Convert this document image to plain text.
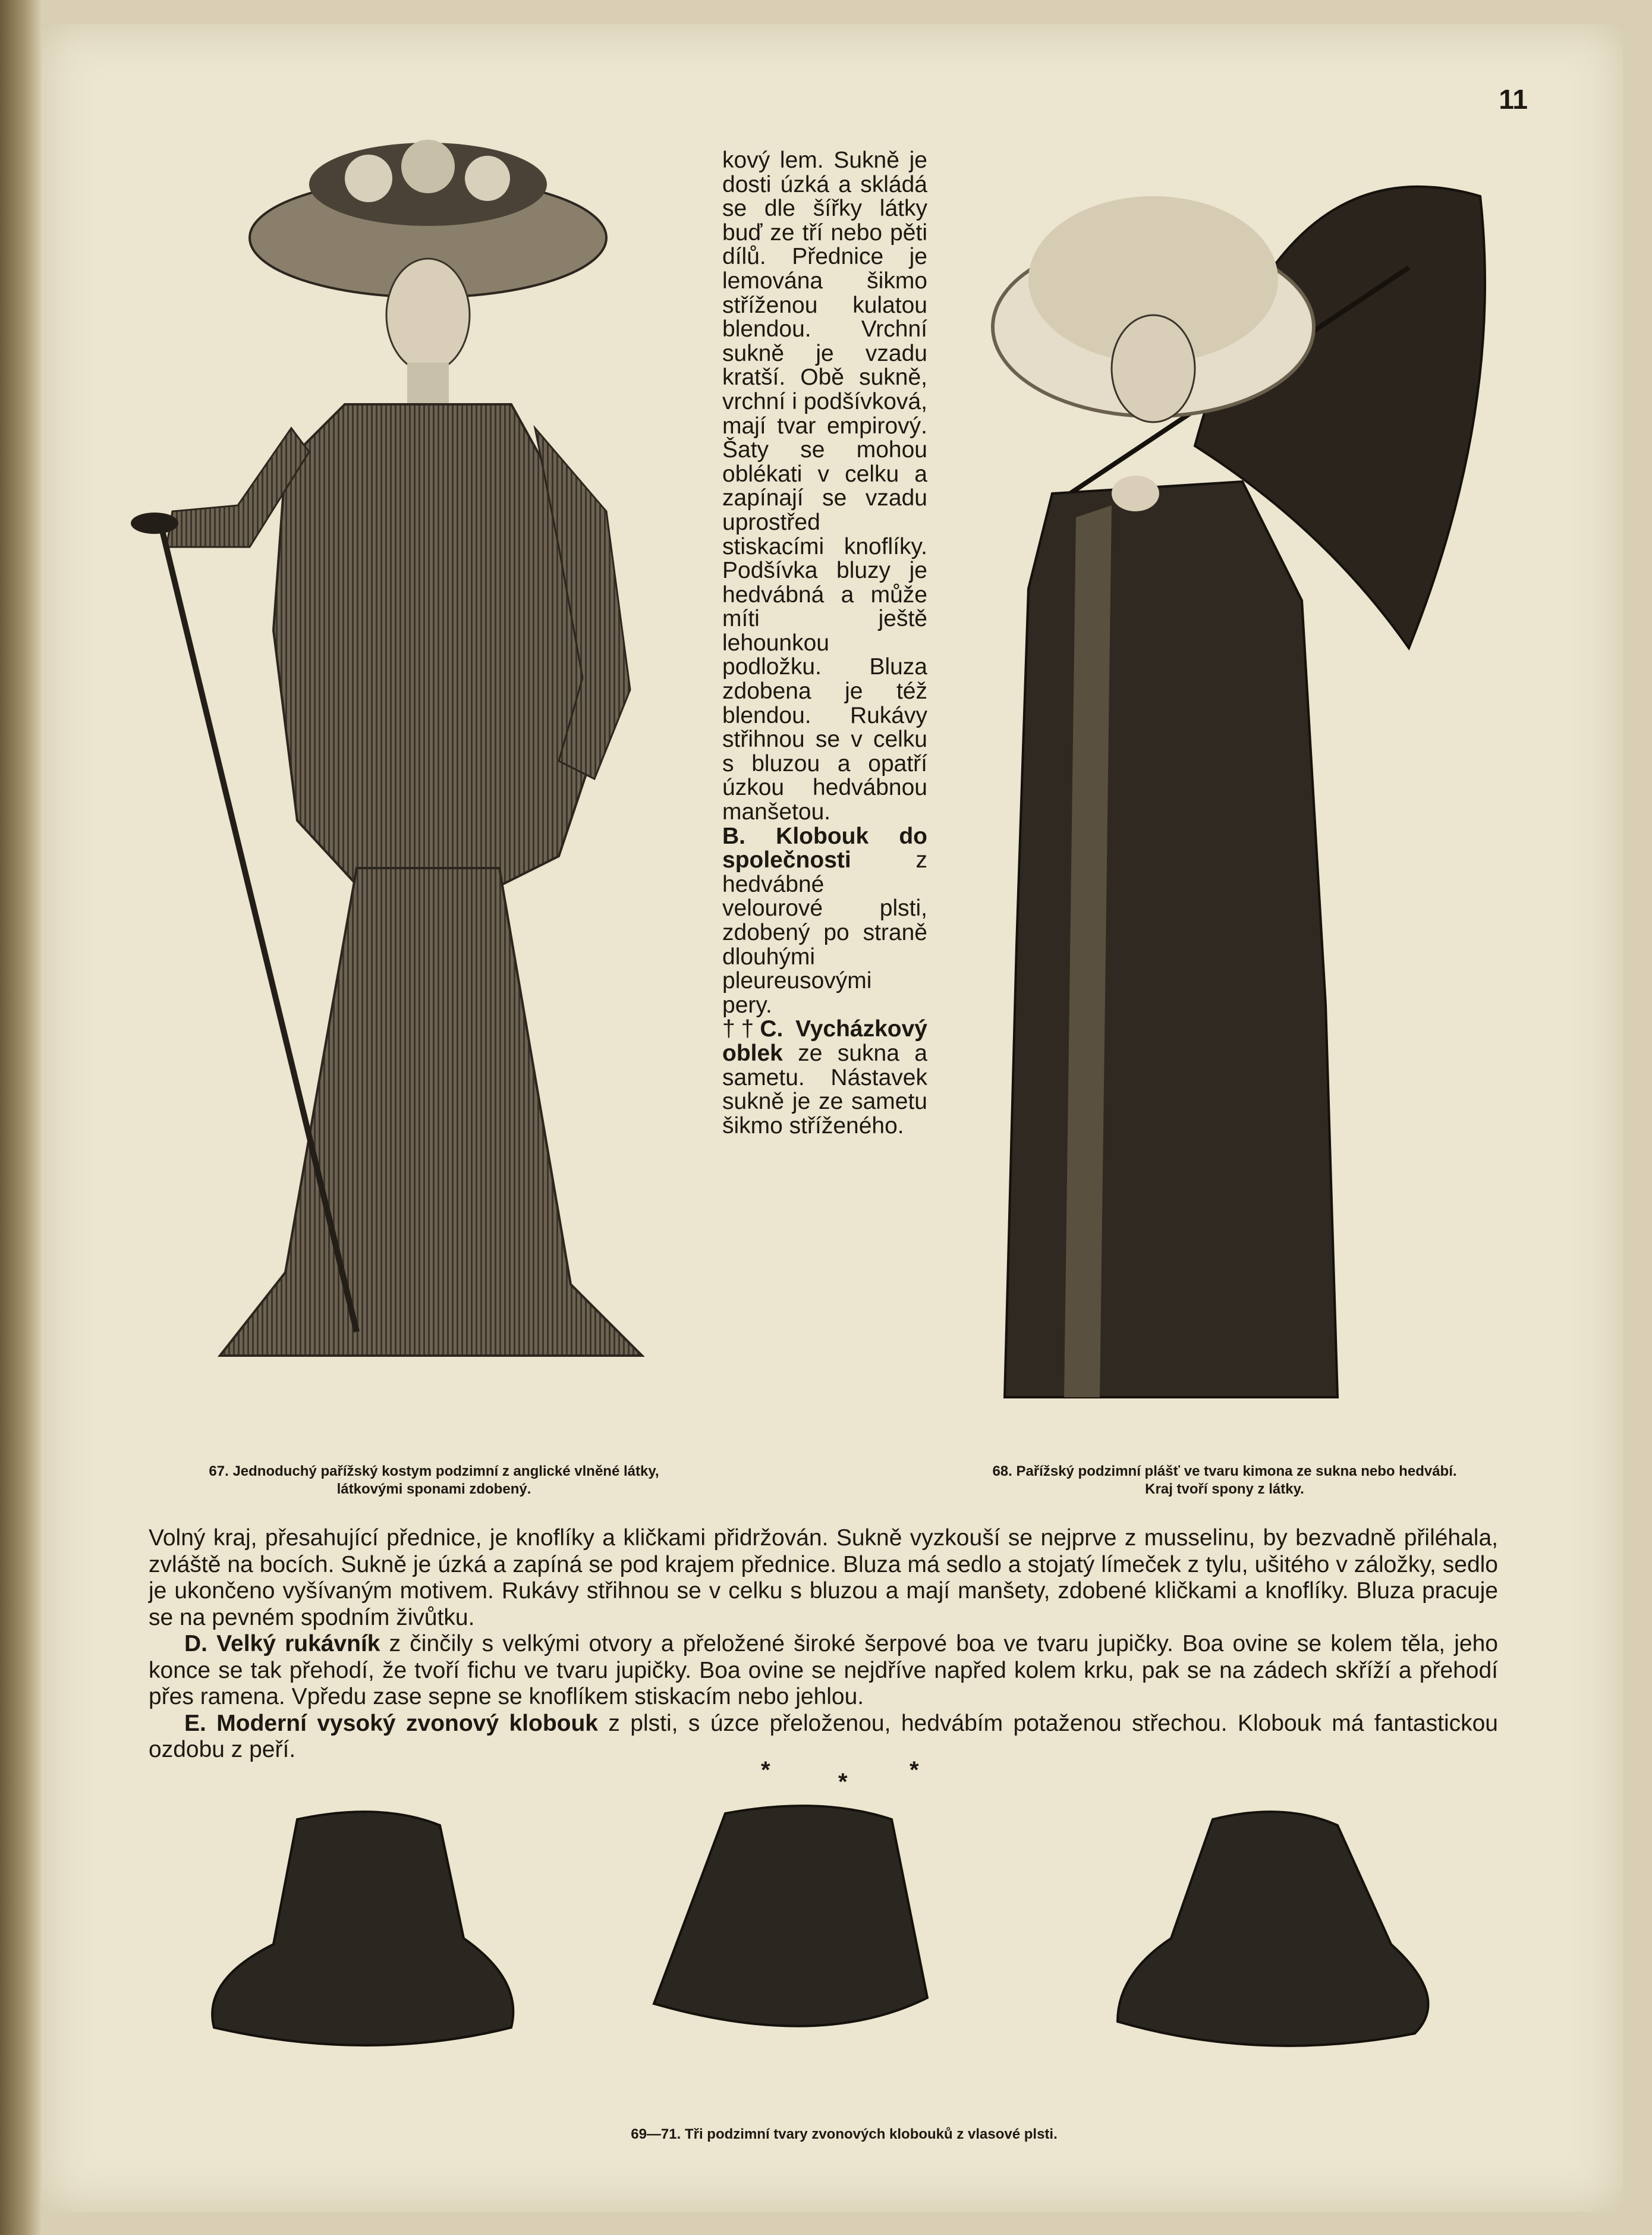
11
67. Jednoduchý pařížský kostym podzimní z anglické vlněné látky,
látkovými sponami zdobený.

kový lem. Sukně je dosti úzká a skládá se dle šířky látky buď ze tří nebo pěti dílů. Přednice je lemována šikmo stříženou kulatou blendou. Vrchní sukně je vzadu kratší. Obě sukně, vrchní i podšívková, mají tvar empirový. Šaty se mohou oblékati v celku a zapínají se vzadu uprostřed stiskacími knoflíky. Podšívka bluzy je hedvábná a může míti ještě lehounkou podložku. Bluza zdobena je též blendou. Rukávy střihnou se v celku s bluzou a opatří úzkou hedvábnou manšetou.

B. Klobouk do společnosti z hedvábné velourové plsti, zdobený po straně dlouhými pleureusovými pery.

††C. Vycházkový oblek ze sukna a sametu. Nástavek sukně je ze sametu šikmo stříženého.

68. Pařížský podzimní plášť ve tvaru kimona ze sukna nebo hedvábí.
Kraj tvoří spony z látky.

Volný kraj, přesahující přednice, je knoflíky a kličkami přidržován. Sukně vyzkouší se nejprve z musselinu, by bezvadně přiléhala, zvláště na bocích. Sukně je úzká a zapíná se pod krajem přednice. Bluza má sedlo a stojatý límeček z tylu, ušitého v záložky, sedlo je ukončeno vyšívaným motivem. Rukávy střihnou se v celku s bluzou a mají manšety, zdobené kličkami a knoflíky. Bluza pracuje se na pevném spodním živůtku.

D. Velký rukávník z činčily s velkými otvory a přeložené široké šerpové boa ve tvaru jupičky. Boa ovine se kolem těla, jeho konce se tak přehodí, že tvoří fichu ve tvaru jupičky. Boa ovine se nejdříve napřed kolem krku, pak se na zádech skříží a přehodí přes ramena. Vpředu zase sepne se knoflíkem stiskacím nebo jehlou.

E. Moderní vysoký zvonový klobouk z plsti, s úzce přeloženou, hedvábím potaženou střechou. Klobouk má fantastickou ozdobu z peří.

*	*	*
69—71. Tři podzimní tvary zvonových klobouků z vlasové plsti.
